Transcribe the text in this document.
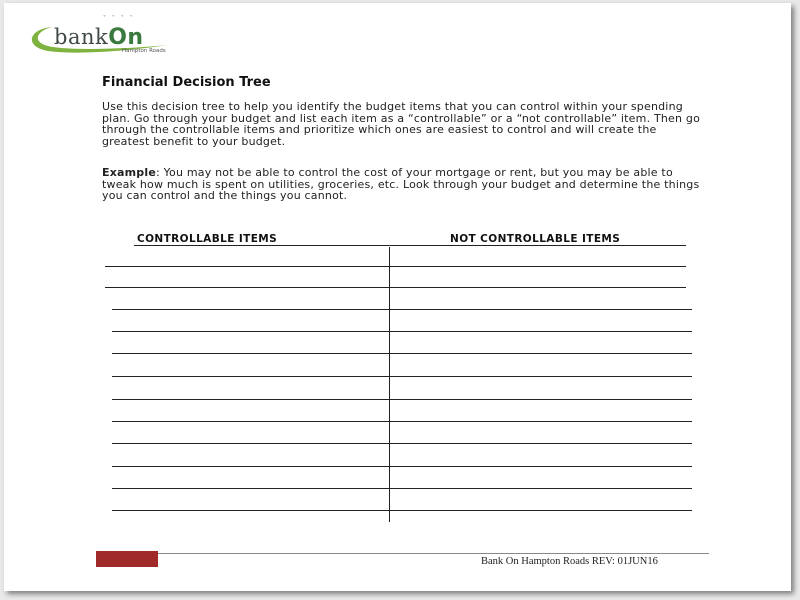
˅ ˅ ˅ ˅
bankOn
Hampton Roads
Financial Decision Tree

Use this decision tree to help you identify the budget items that you can control within your spending plan. Go through your budget and list each item as a “controllable” or a “not controllable” item. Then go through the controllable items and prioritize which ones are easiest to control and will create the greatest benefit to your budget.

Example: You may not be able to control the cost of your mortgage or rent, but you may be able to tweak how much is spent on utilities, groceries, etc. Look through your budget and determine the things you can control and the things you cannot.

CONTROLLABLE ITEMS	NOT CONTROLLABLE ITEMS
Bank On Hampton Roads REV: 01JUN16
